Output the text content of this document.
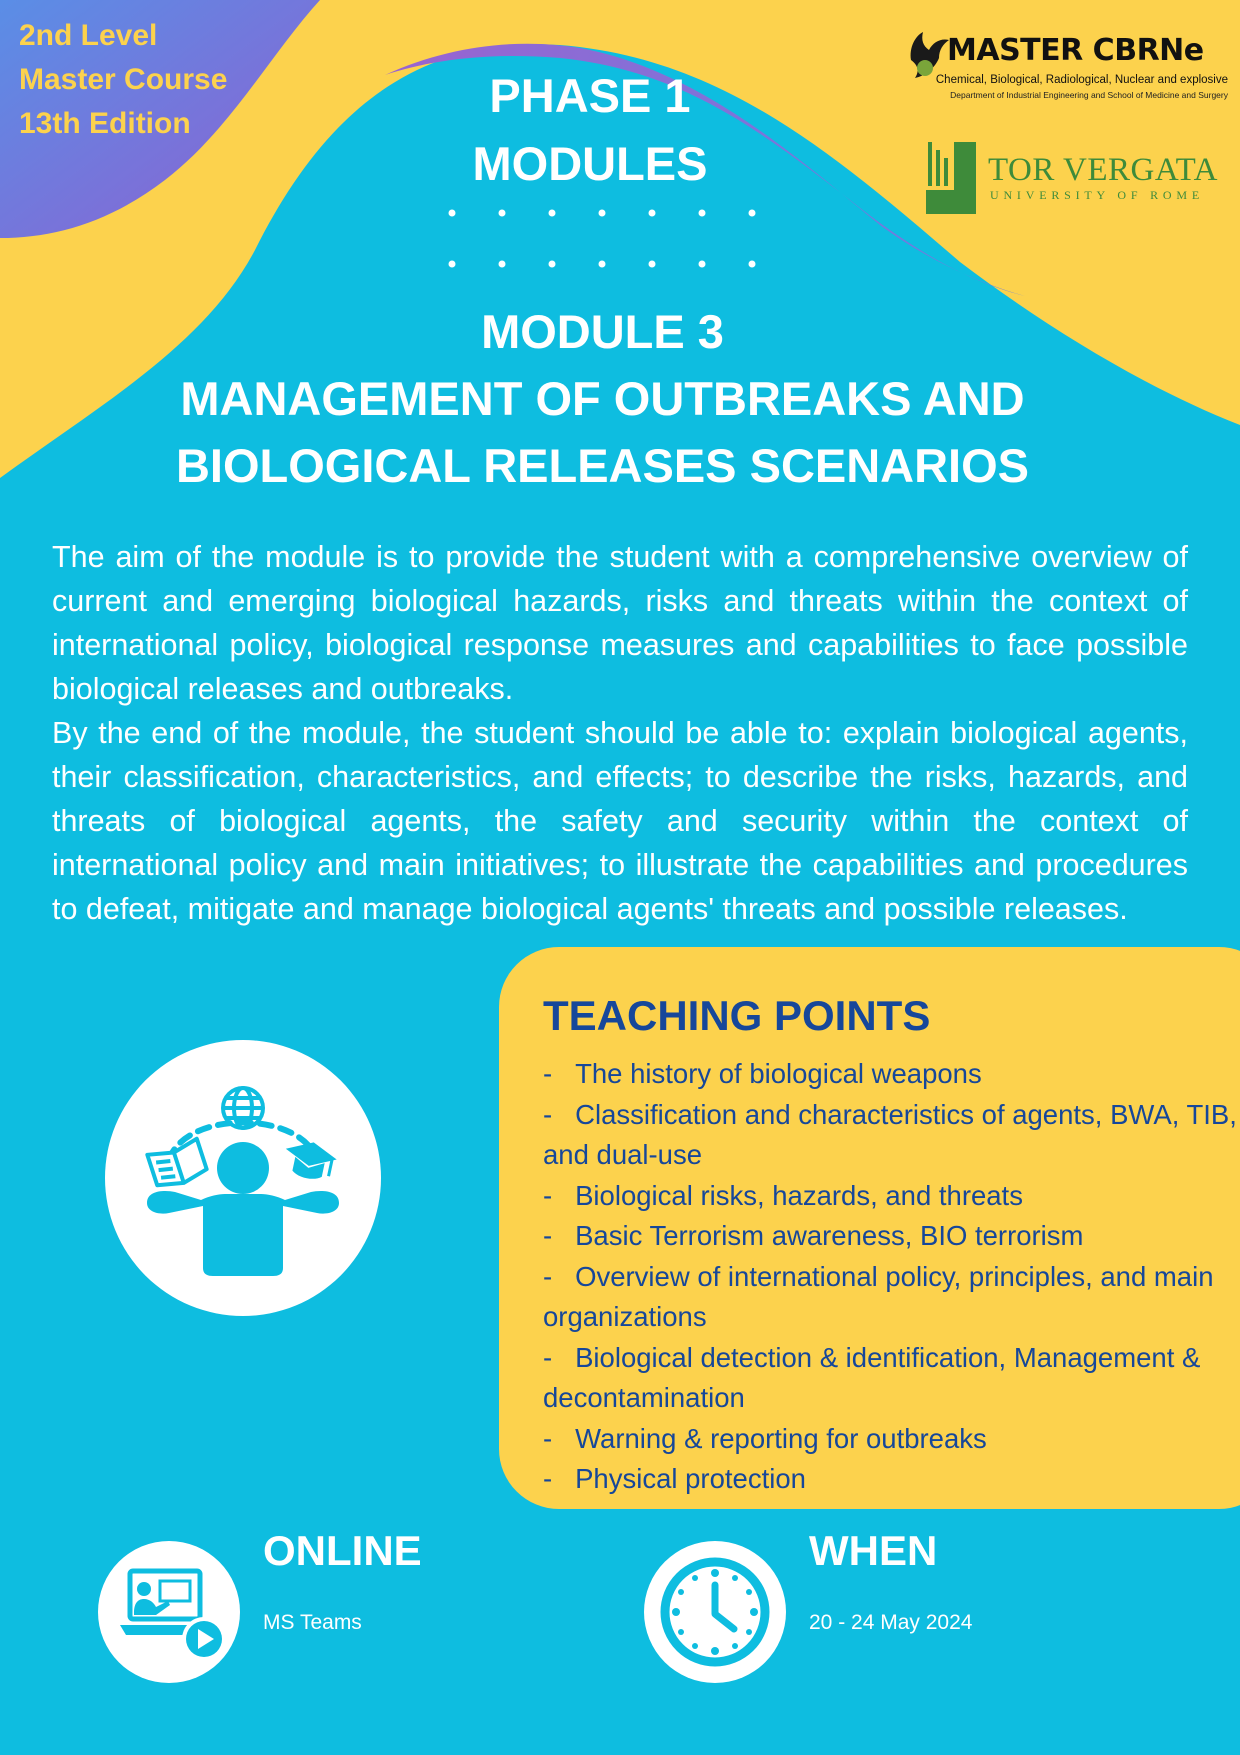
2nd Level
Master Course
13th Edition
PHASE 1
MODULES
MASTER CBRNe
Chemical, Biological, Radiological, Nuclear and explosive
Department of Industrial Engineering and School of Medicine and Surgery
TOR VERGATA
UNIVERSITY OF ROME
MODULE 3
MANAGEMENT OF OUTBREAKS AND
BIOLOGICAL RELEASES SCENARIOS

The aim of the module is to provide the student with a comprehensive overview of current and emerging biological hazards, risks and threats within the context of international policy, biological response measures and capabilities to face possible biological releases and outbreaks.

By the end of the module, the student should be able to: explain biological agents, their classification, characteristics, and effects; to describe the risks, hazards, and threats of biological agents, the safety and security within the context of international policy and main initiatives; to illustrate the capabilities and procedures to defeat, mitigate and manage biological agents' threats and possible releases.

TEACHING POINTS
-   The history of biological weapons
-   Classification and characteristics of agents, BWA, TIB, and dual-use
-   Biological risks, hazards, and threats
-   Basic Terrorism awareness, BIO terrorism
-   Overview of international policy, principles, and main organizations
-   Biological detection & identification, Management & decontamination
-   Warning & reporting for outbreaks
-   Physical protection
ONLINE
MS Teams
WHEN
20 - 24 May 2024
